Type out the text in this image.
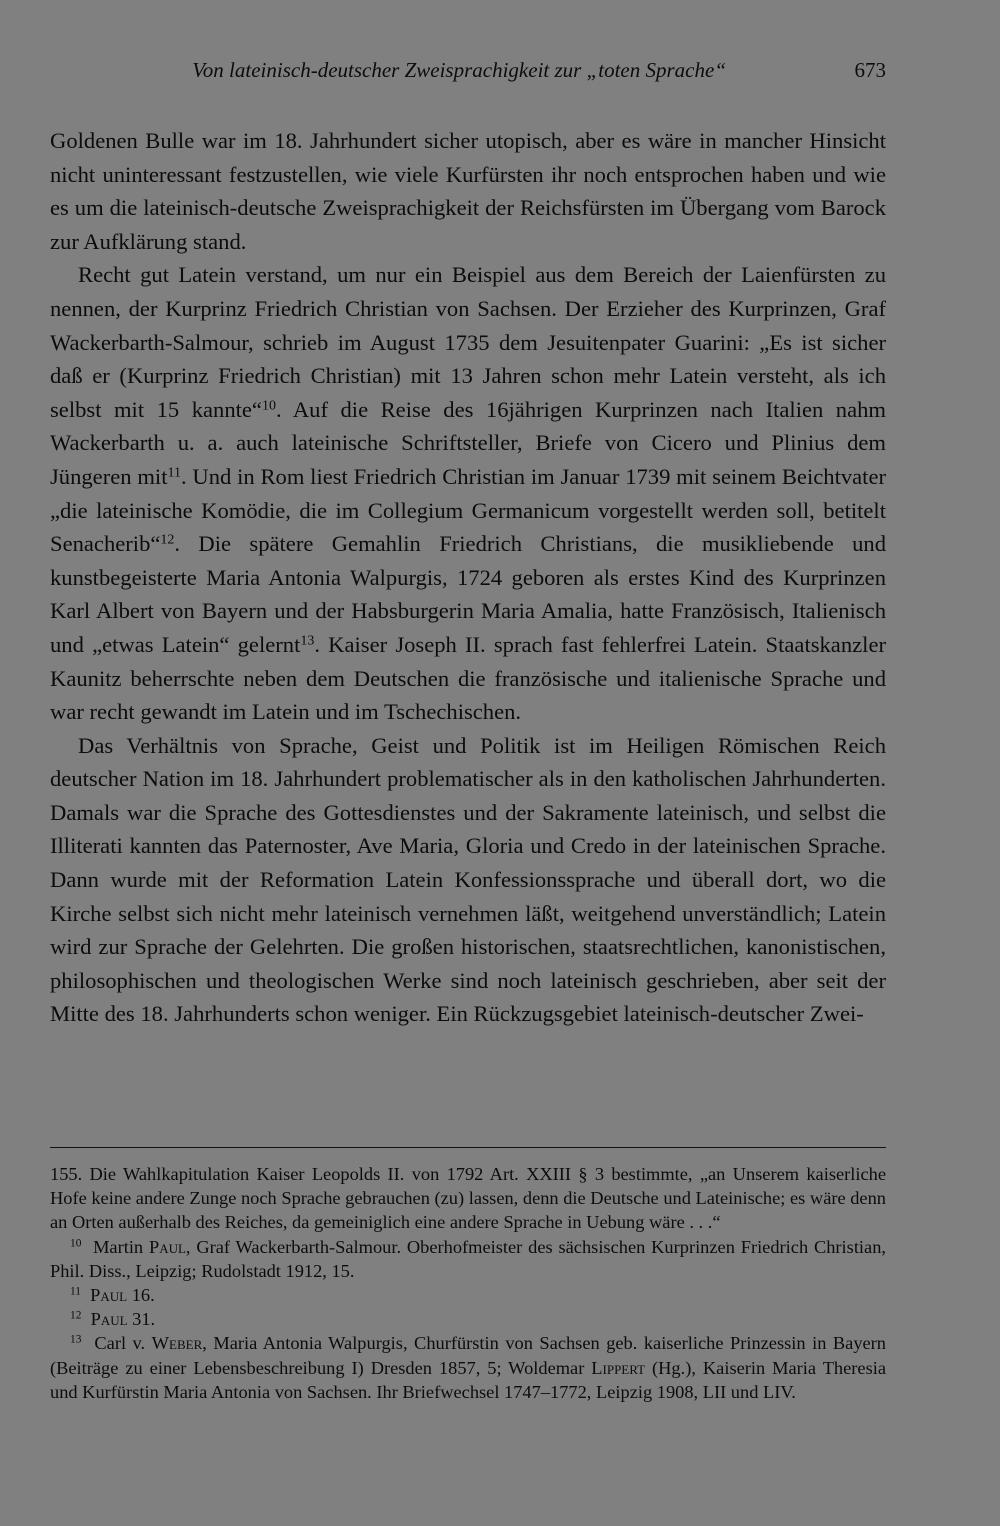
Von lateinisch-deutscher Zweisprachigkeit zur „toten Sprache“	673

Goldenen Bulle war im 18. Jahrhundert sicher utopisch, aber es wäre in mancher Hinsicht nicht uninteressant festzustellen, wie viele Kurfürsten ihr noch entsprochen haben und wie es um die lateinisch-deutsche Zweisprachigkeit der Reichsfürsten im Übergang vom Barock zur Aufklärung stand.

Recht gut Latein verstand, um nur ein Beispiel aus dem Bereich der Laienfürsten zu nennen, der Kurprinz Friedrich Christian von Sachsen. Der Erzieher des Kurprinzen, Graf Wackerbarth-Salmour, schrieb im August 1735 dem Jesuitenpater Guarini: „Es ist sicher daß er (Kurprinz Friedrich Christian) mit 13 Jahren schon mehr Latein versteht, als ich selbst mit 15 kannte“$^{10}$. Auf die Reise des 16jährigen Kurprinzen nach Italien nahm Wackerbarth u. a. auch lateinische Schriftsteller, Briefe von Cicero und Plinius dem Jüngeren mit$^{11}$. Und in Rom liest Friedrich Christian im Januar 1739 mit seinem Beichtvater „die lateinische Komödie, die im Collegium Germanicum vorgestellt werden soll, betitelt Senacherib“$^{12}$. Die spätere Gemahlin Friedrich Christians, die musikliebende und kunstbegeisterte Maria Antonia Walpurgis, 1724 geboren als erstes Kind des Kurprinzen Karl Albert von Bayern und der Habsburgerin Maria Amalia, hatte Französisch, Italienisch und „etwas Latein“ gelernt$^{13}$. Kaiser Joseph II. sprach fast fehlerfrei Latein. Staatskanzler Kaunitz beherrschte neben dem Deutschen die französische und italienische Sprache und war recht gewandt im Latein und im Tschechischen.

Das Verhältnis von Sprache, Geist und Politik ist im Heiligen Römischen Reich deutscher Nation im 18. Jahrhundert problematischer als in den katholischen Jahrhunderten. Damals war die Sprache des Gottesdienstes und der Sakramente lateinisch, und selbst die Illiterati kannten das Paternoster, Ave Maria, Gloria und Credo in der lateinischen Sprache. Dann wurde mit der Reformation Latein Konfessionssprache und überall dort, wo die Kirche selbst sich nicht mehr lateinisch vernehmen läßt, weitgehend unverständlich; Latein wird zur Sprache der Gelehrten. Die großen historischen, staatsrechtlichen, kanonistischen, philosophischen und theologischen Werke sind noch lateinisch geschrieben, aber seit der Mitte des 18. Jahrhunderts schon weniger. Ein Rückzugsgebiet lateinisch-deutscher Zwei-

155. Die Wahlkapitulation Kaiser Leopolds II. von 1792 Art. XXIII § 3 bestimmte, „an Unserem kaiserliche Hofe keine andere Zunge noch Sprache gebrauchen (zu) lassen, denn die Deutsche und Lateinische; es wäre denn an Orten außerhalb des Reiches, da gemeiniglich eine andere Sprache in Uebung wäre . . .“

$^{10}$ Martin Paul, Graf Wackerbarth-Salmour. Oberhofmeister des sächsischen Kurprinzen Friedrich Christian, Phil. Diss., Leipzig; Rudolstadt 1912, 15.

$^{11}$ Paul 16.

$^{12}$ Paul 31.

$^{13}$ Carl v. Weber, Maria Antonia Walpurgis, Churfürstin von Sachsen geb. kaiserliche Prinzessin in Bayern (Beiträge zu einer Lebensbeschreibung I) Dresden 1857, 5; Woldemar Lippert (Hg.), Kaiserin Maria Theresia und Kurfürstin Maria Antonia von Sachsen. Ihr Briefwechsel 1747–1772, Leipzig 1908, LII und LIV.
